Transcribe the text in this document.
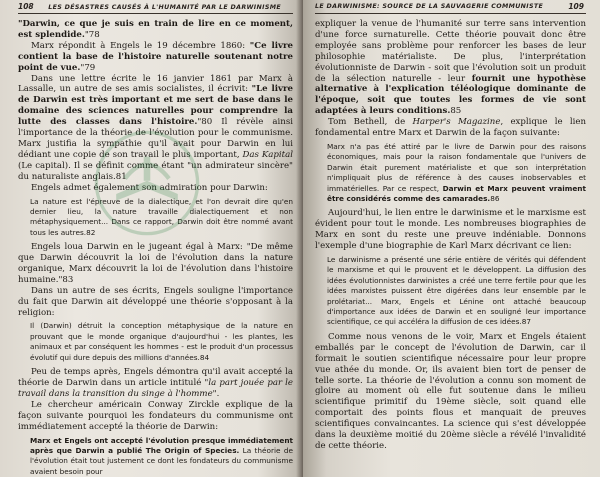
108 LES DÉSASTRES CAUSÉS À L'HUMANITÉ PAR LE DARWINISME

"Darwin, ce que je suis en train de lire en ce moment, est splendide."78

Marx répondit à Engels le 19 décembre 1860: "Ce livre contient la base de l'histoire naturelle soutenant notre point de vue."79

Dans une lettre écrite le 16 janvier 1861 par Marx à Lassalle, un autre de ses amis socialistes, il écrivit: "Le livre de Darwin est très important et me sert de base dans le domaine des sciences naturelles pour comprendre la lutte des classes dans l'histoire."80 Il révèle ainsi l'importance de la théorie de l'évolution pour le communisme. Marx justifia la sympathie qu'il avait pour Darwin en lui dédiant une copie de son travail le plus important, Das Kapital (Le capital). Il se définit comme étant "un admirateur sincère" du naturaliste anglais.81

Engels admet également son admiration pour Darwin:

La nature est l'épreuve de la dialectique, et l'on devrait dire qu'en dernier lieu, la nature travaille dialectiquement et non métaphysiquement... Dans ce rapport, Darwin doit être nommé avant tous les autres.82

Engels loua Darwin en le jugeant égal à Marx: "De même que Darwin découvrit la loi de l'évolution dans la nature organique, Marx découvrit la loi de l'évolution dans l'histoire humaine."83

Dans un autre de ses écrits, Engels souligne l'importance du fait que Darwin ait développé une théorie s'opposant à la religion:

Il (Darwin) détruit la conception métaphysique de la nature en prouvant que le monde organique d'aujourd'hui - les plantes, les animaux et par conséquent les hommes - est le produit d'un processus évolutif qui dure depuis des millions d'années.84

Peu de temps après, Engels démontra qu'il avait accepté la théorie de Darwin dans un article intitulé "la part jouée par le travail dans la transition du singe à l'homme".

Le chercheur américain Conway Zirckle explique de la façon suivante pourquoi les fondateurs du communisme ont immédiatement accepté la théorie de Darwin:

Marx et Engels ont accepté l'évolution presque immédiatement après que Darwin a publié The Origin of Species. La théorie de l'évolution était tout justement ce dont les fondateurs du communisme avaient besoin pour

LE DARWINISME: SOURCE DE LA SAUVAGERIE COMMUNISTE	109

expliquer la venue de l'humanité sur terre sans intervention d'une force surnaturelle. Cette théorie pouvait donc être employée sans problème pour renforcer les bases de leur philosophie matérialiste. De plus, l'interprétation évolutionniste de Darwin - soit que l'évolution soit un produit de la sélection naturelle - leur fournit une hypothèse alternative à l'explication téléologique dominante de l'époque, soit que toutes les formes de vie sont adaptées à leurs conditions.85

Tom Bethell, de Harper's Magazine, explique le lien fondamental entre Marx et Darwin de la façon suivante:

Marx n'a pas été attiré par le livre de Darwin pour des raisons économiques, mais pour la raison fondamentale que l'univers de Darwin était purement matérialiste et que son interprétation n'impliquait plus de référence à des causes inobservables et immatérielles. Par ce respect, Darwin et Marx peuvent vraiment être considérés comme des camarades.86

Aujourd'hui, le lien entre le darwinisme et le marxisme est évident pour tout le monde. Les nombreuses biographies de Marx en sont du reste une preuve indéniable. Donnons l'exemple d'une biographie de Karl Marx décrivant ce lien:

Le darwinisme a présenté une série entière de vérités qui défendent le marxisme et qui le prouvent et le développent. La diffusion des idées évolutionnistes darwinistes a créé une terre fertile pour que les idées marxistes puissent être digérées dans leur ensemble par le prolétariat... Marx, Engels et Lénine ont attaché beaucoup d'importance aux idées de Darwin et en souligné leur importance scientifique, ce qui accéléra la diffusion de ces idées.87

Comme nous venons de le voir, Marx et Engels étaient emballés par le concept de l'évolution de Darwin, car il formait le soutien scientifique nécessaire pour leur propre vue athée du monde. Or, ils avaient bien tort de penser de telle sorte. La théorie de l'évolution a connu son moment de gloire au moment où elle fut soutenue dans le milieu scientifique primitif du 19ème siècle, soit quand elle comportait des points flous et manquait de preuves scientifiques convaincantes. La science qui s'est développée dans la deuxième moitié du 20ème siècle a révélé l'invalidité de cette théorie.
